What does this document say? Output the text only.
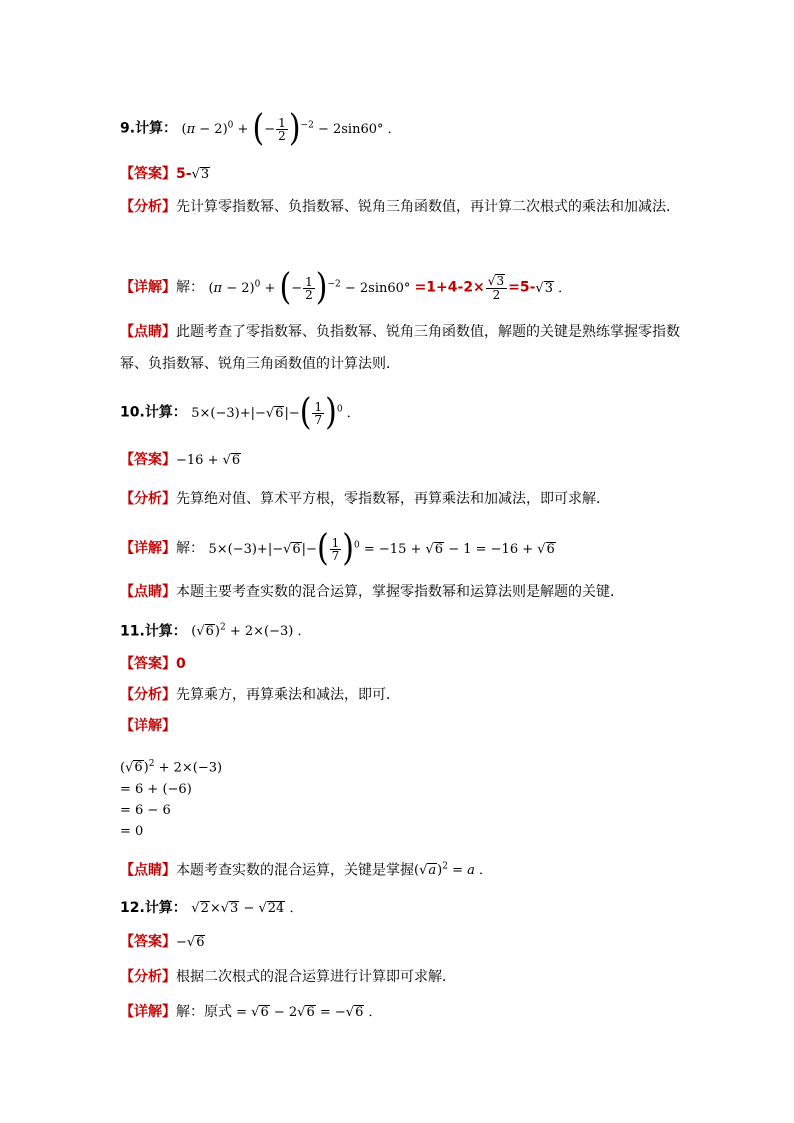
9.计算： $(\pi - 2)^0$ + (− $\frac{1}{2} )^{-2} - 2\sin 60^\circ$ ．
【答案】5-√3
【分析】先计算零指数幂、负指数幂、锐角三角函数值，再计算二次根式的乘法和加减法．
【详解】解： $(\pi - 2)^0$ + (− $\frac{1}{2} )^{-2} - 2\sin 60^\circ =1+4-2\times \frac{√3}{2} =5-√3$ ．
【点睛】此题考查了零指数幂、负指数幂、锐角三角函数值，解题的关键是熟练掌握零指数幂、负指数幂、锐角三角函数值的计算法则．
10.计算： $5\times(-3)+|-√6|-( \frac{1}{7} )^0$ ．
【答案】−16 + √6
【分析】先算绝对值、算术平方根，零指数幂，再算乘法和加减法，即可求解．
【详解】解： $5\times(-3)+|-√6|-( \frac{1}{7} )^0 = -15 + √6 - 1 = -16 + √6$
【点睛】本题主要考查实数的混合运算，掌握零指数幂和运算法则是解题的关键．
11.计算： $(√6)^2 + 2\times(-3)$ ．
【答案】0
【分析】先算乘方，再算乘法和减法，即可．
【详解】
$(√6)^2 + 2\times(-3)$
= 6 + (−6)
= 6 − 6
= 0
【点睛】本题考查实数的混合运算，关键是掌握$(√a)^2 = a$ ．
12.计算： √2×√3 − √24 ．
【答案】−√6
【分析】根据二次根式的混合运算进行计算即可求解．
【详解】解：原式 = √6 − 2√6 = −√6 ．
